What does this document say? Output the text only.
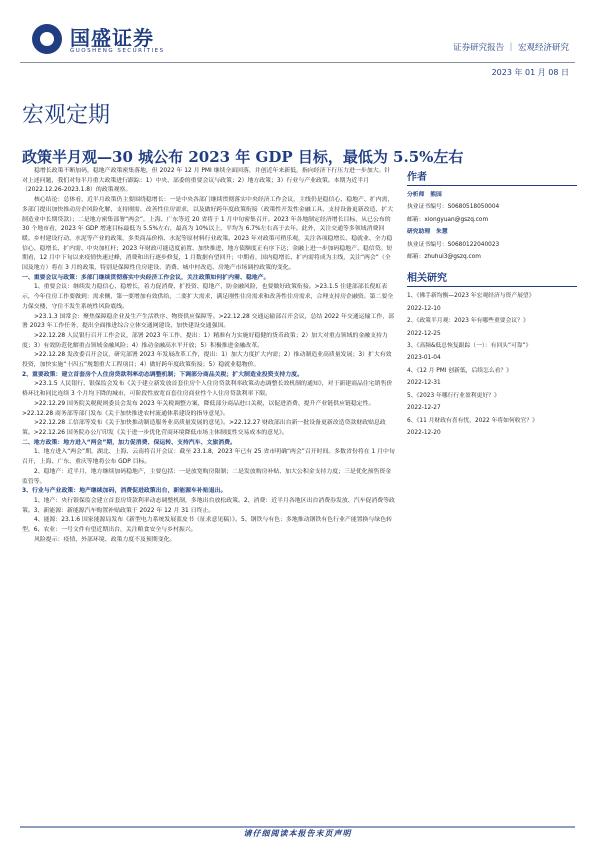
国盛证券
GUOSHENG SECURITIES	证券研究报告 ｜ 宏观经济研究
2023 年 01 月 08 日
宏观定期
政策半月观—30 城公布 2023 年 GDP 目标，最低为 5.5%左右

稳增长政策不断加码，稳地产政策密集落地，但 2022 年 12 月 PMI 继续全面回落，并创近年来新低，指向经济下行压力进一步加大。针对上述问题，我们对每半月重大政策进行跟踪：1）中央、部委的重要会议与政策；2）地方政策；3）行业与产业政策。本期为近半月（2022.12.26-2023.1.8）的政策观察。

核心结论：总体看，近半月政策仍主要围绕稳增长：一是中央各部门继续贯彻落实中央经济工作会议，主线仍是稳信心、稳地产、扩内需，多部门提出加快推动房企风险化解，支持刚需、改善性住房需求，以及做好跨年度政策衔接（政策性开发性金融工具、支持设备更新改造、扩大制造业中长期贷款）；二是地方密集部署“两会”，上海、广东等近 20 省将于 1 月中旬密集召开。2023 年各地制定经济增长目标，从已公布的 30 个地市看，2023 年 GDP 增速目标最低为 5.5%左右，最高为 10%以上，平均为 6.7%左右高于去年。此外，关注交通等多领域消费回暖。乡村建设行动、水泥等产业的政策，多类商品价格、水泥等原材料行业政策。2023 年对政策可稍乐观，关注各项稳增长、稳就业、全力稳信心、稳增长、扩内需、中央加杠杆；2023 年财政可能适度前置、加快推进，地方债额度正有序下达；金融上进一步加码稳地产、稳信贷。短期看，12 月中下旬以来疫情快速过峰，消费和出行逐步修复，1 月数据有望回升；中期看，国内稳增长、扩内需将成为主线，关注“两会”（全国及地方）将在 3 月的政策，特别是保障性住房建设、消费、城中村改造、房地产市场调控政策的变化。

一、重要会议与政策：多部门继续贯彻落实中央经济工作会议，关注政策如何扩内需、稳地产。

1、重要会议：继续发力稳信心、稳增长，着力促消费、扩投资、稳地产，防金融风险，也要做好政策衔接。>23.1.5 住建部部长倪虹表示，今年住房工作要做到：需求侧，第一要增加有效供给，二要扩大需求，满足刚性住房需求和改善性住房需求，合理支持房企融资。第二要全力保交楼，守住不发生系统性风险底线。

>23.1.3 国常会：聚焦保障稳企业及生产生活秩序、物资供应保障等。>22.12.28 交通运输部召开会议，总结 2022 年交通运输工作，部署 2023 年工作任务，提出全面推进综合立体交通网建设、加快建设交通强国。

>22.12.28 人民银行召开工作会议，部署 2023 年工作，提出：1）精准有力实施好稳健的货币政策；2）加大对重点领域的金融支持力度；3）有效防范化解重点领域金融风险；4）推动金融高水平开放；5）积极推进金融改革。

>22.12.28 发改委召开会议，研究部署 2023 年发展改革工作，提出：1）加大力度扩大内需；2）推动制造业高质量发展；3）扩大有效投资，加快实施“十四五”规划重大工程项目；4）做好跨年度政策衔接；5）稳就业稳物价。

2、重要政策：建立首套房个人住房贷款利率动态调整机制；下调部分商品关税；扩大制造业投资支持力度。

>23.1.5 人民银行、银保监会发布《关于建立新发放首套住房个人住房贷款利率政策动态调整长效机制的通知》，对于新建商品住宅销售价格环比和同比连续 3 个月均下降的城市，可阶段性放宽首套住房商业性个人住房贷款利率下限。

>22.12.29 国务院关税税则委员会发布 2023 年关税调整方案，降低部分商品进口关税，以促进消费、提升产业链供应链稳定性。>22.12.28 商务部等部门发布《关于加快推进农村流通体系建设的指导意见》。

>22.12.28 工信部等发布《关于加快推动制造服务业高质量发展的意见》。>22.12.27 财政部出台新一批设备更新改造贷款财政贴息政策。>22.12.26 国务院办公厅印发《关于进一步优化营商环境降低市场主体制度性交易成本的意见》。

二、地方政策：地方进入“两会”期，加力促消费、保运转、支持汽车、文旅消费。

1、地方进入“两会”期，湖北、上海、云南将召开会议：截至 23.1.8，2023 年已有 25 省市明确“两会”召开时间。多数省份将在 1 月中旬召开，上海、广东、重庆等地将公布 GDP 目标。

2、稳地产：近半月，地方继续加码稳地产，主要包括：一是放宽购房限制；二是发放购房补贴、加大公积金支持力度；三是优化预售资金监管等。

3、行业与产业政策：地产继续加码，消费促进政策出台，新能源车补贴退出。

1、地产：央行银保监会建立首套房贷款利率动态调整机制，多地出台放松政策。2、消费：近半月各地区出台消费券发放、汽车促消费等政策。3、新能源：新能源汽车购置补贴政策于 2022 年 12 月 31 日终止。

4、能源：23.1.6 国家能源局发布《新型电力系统发展蓝皮书（征求意见稿）》。5、钢铁与有色：多地推动钢铁有色行业产能置换与绿色转型。6、农业：一号文件有望近期出台，关注粮食安全与乡村振兴。

风险提示：疫情、外部环境、政策力度不及预期变化。

作者
分析师　 熊园
执业证书编号：S0680518050004
邮箱：xiongyuan@gszq.com
研究助理　 朱慧
执业证书编号：S0680122040023
邮箱：zhuhui3@gszq.com
相关研究
1、《佛手新均衡—2023 年宏观经济与资产展望》
2022-12-10
2、《政策半月观：2023 年有哪些重要会议？》
2022-12-25
3、《高频&低总恢复跟踪（一）：有回头“可靠”》
2023-01-04
4、《12 月 PMI 创新低，后续怎么看？》
2022-12-31
5、《2023 年哪行行业盈利更好？》
2022-12-27
6、《11 月财政有喜有忧，2022 年将如何收官？》
2022-12-20
请仔细阅读本报告末页声明
